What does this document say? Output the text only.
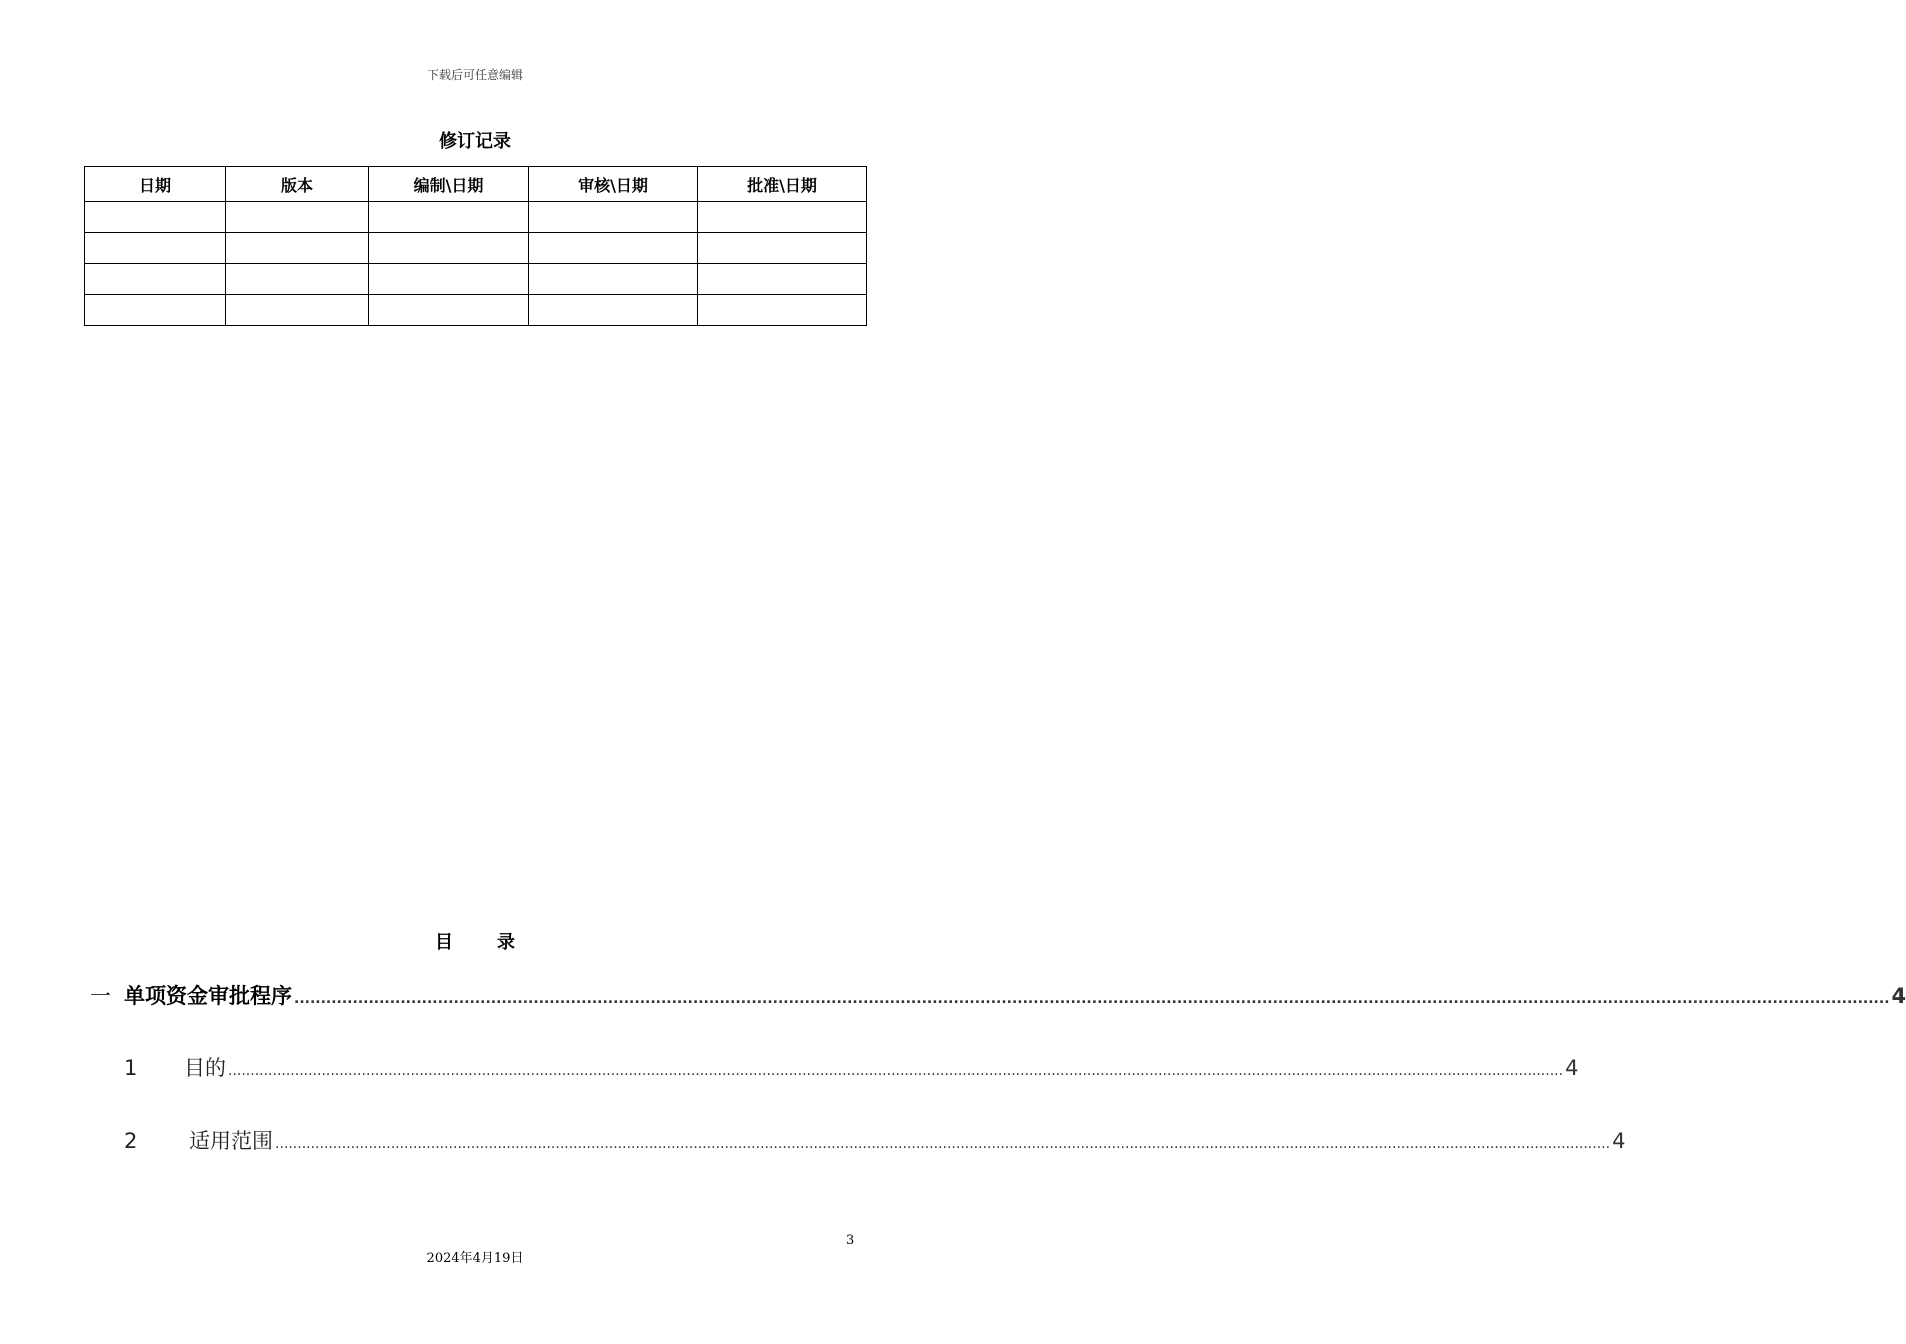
下载后可任意编辑
修订记录
日期	版本	编制\日期	审核\日期	批准\日期

目 录
一 单项资金审批程序 ............................................................................................................................................................................................................................................................................................................ 4
1	目的 ............................................................................................................................................................................................................................................................................................................ 4
2	适用范围 ............................................................................................................................................................................................................................................................................................................ 4
3
2024年4月19日
